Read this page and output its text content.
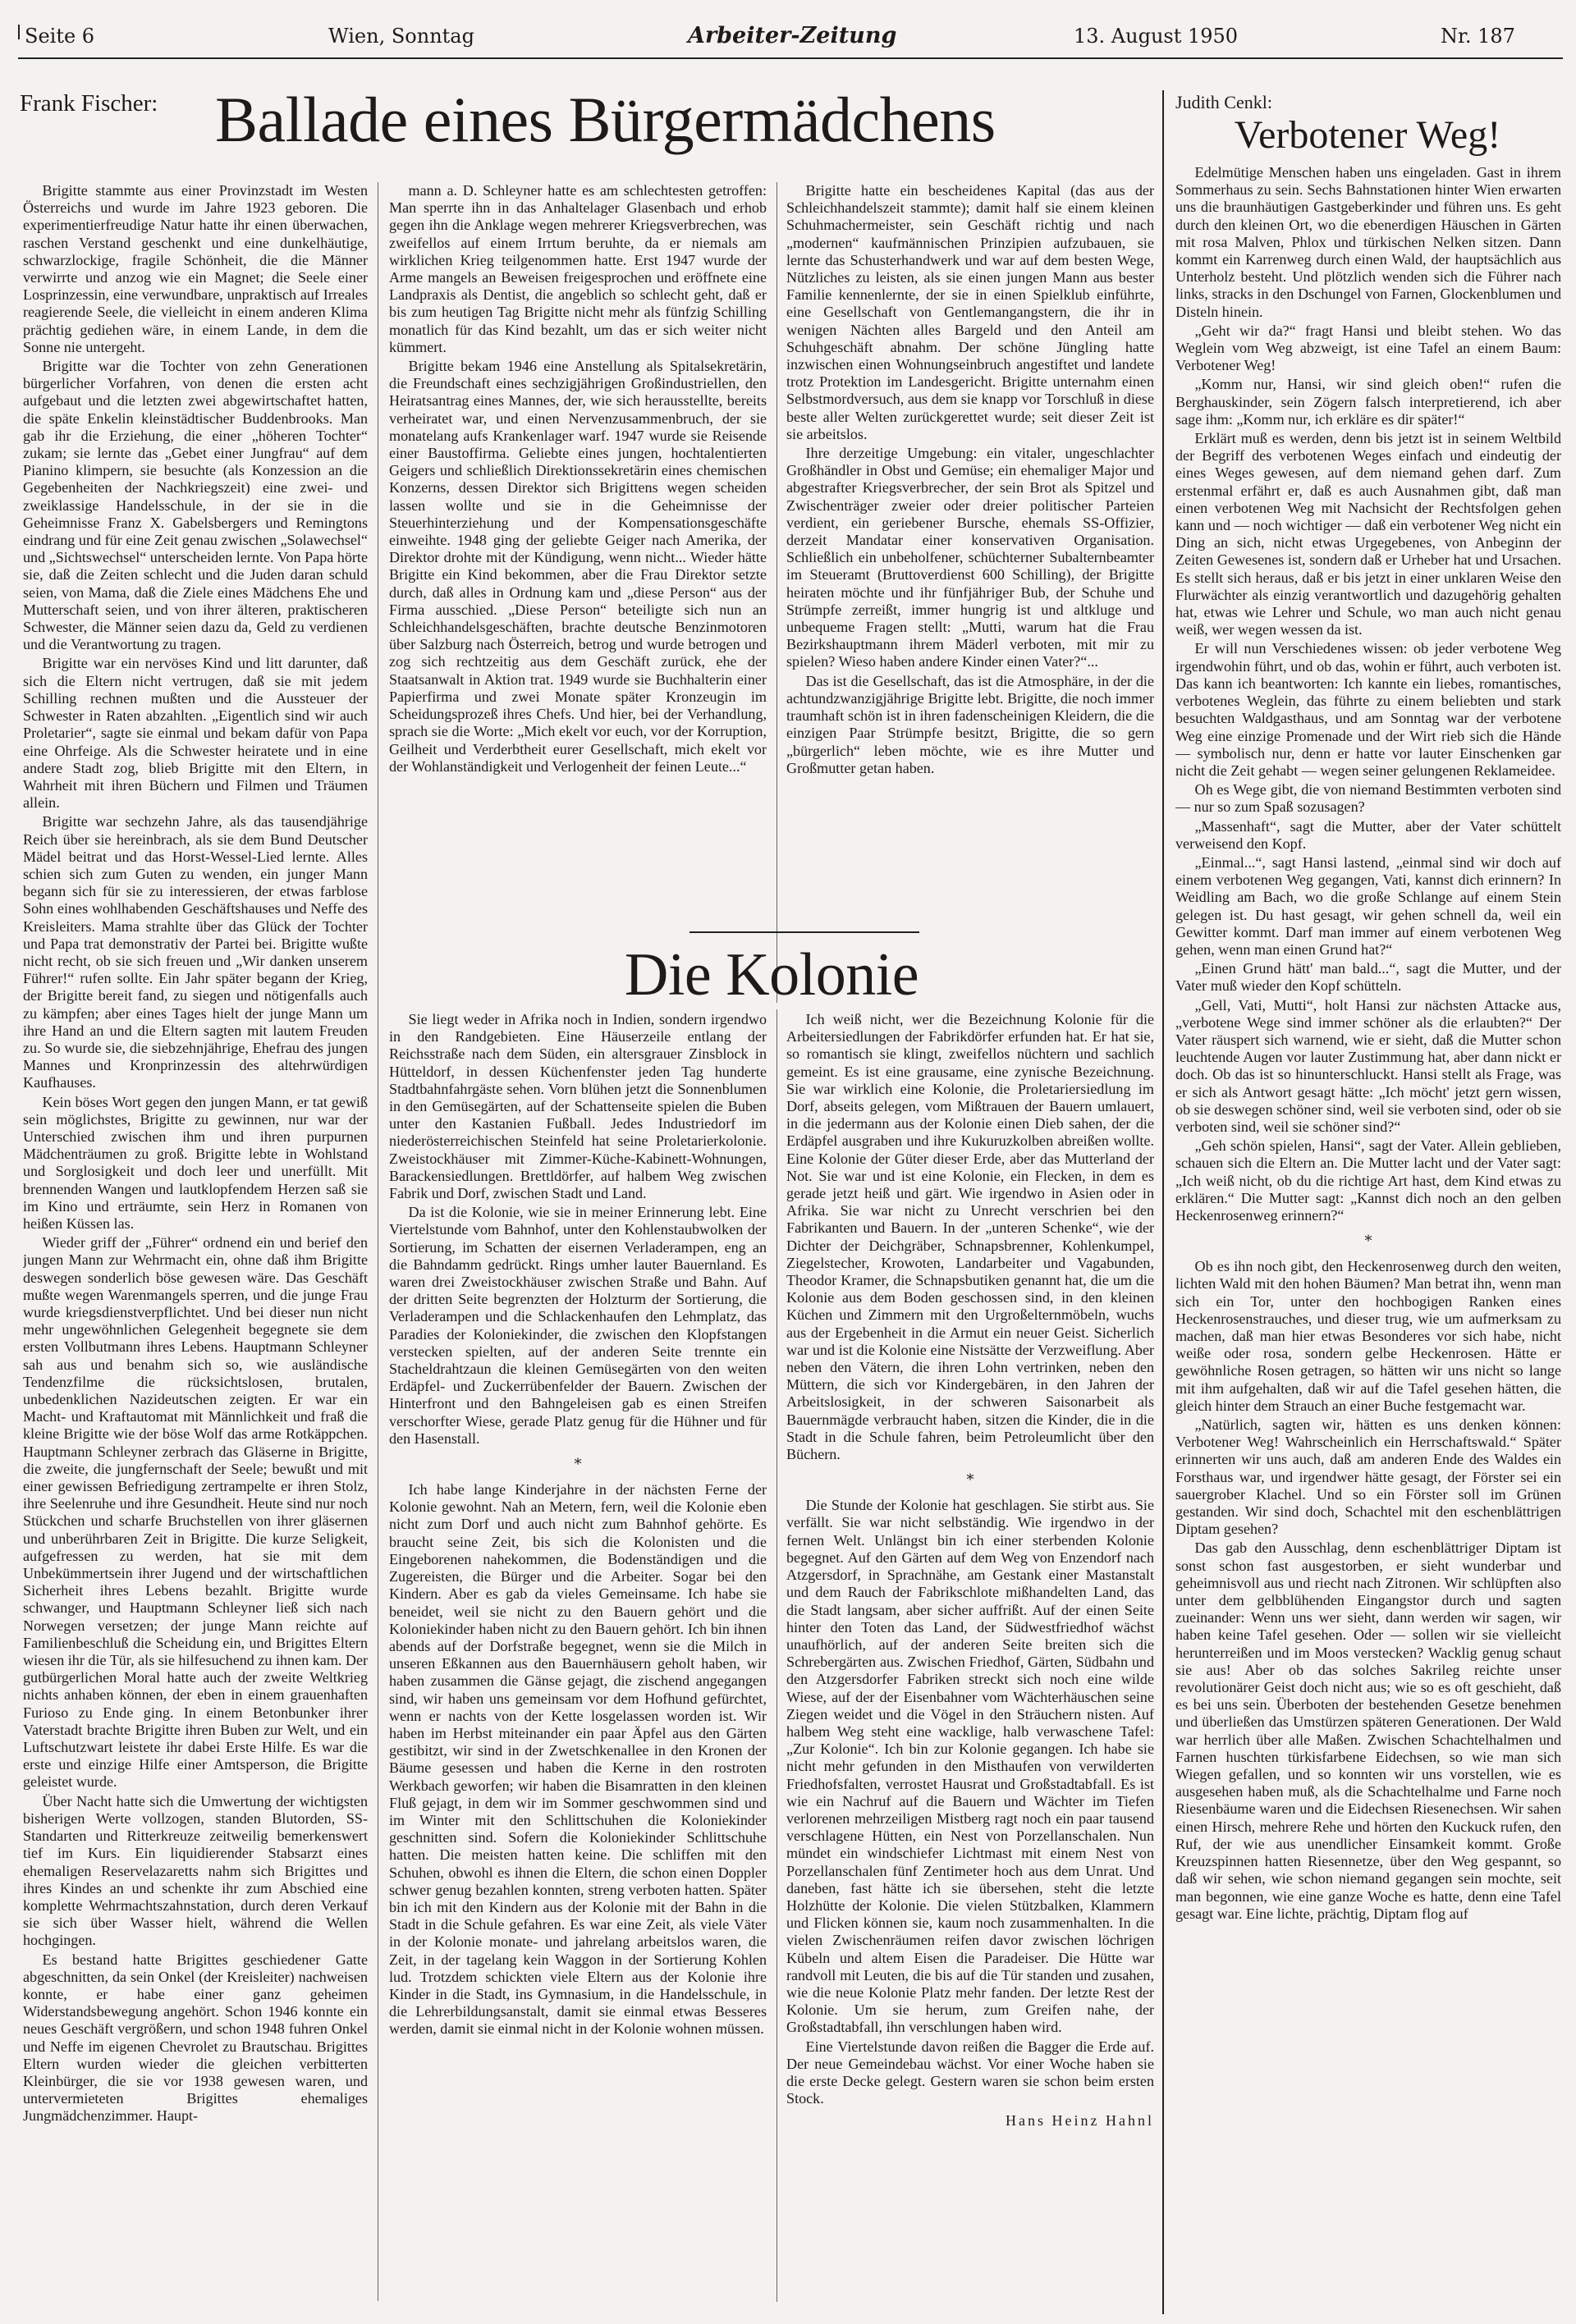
Seite 6	Wien, Sonntag	Arbeiter-Zeitung	13. August 1950	Nr. 187
Frank Fischer: Ballade eines Bürgermädchens

Brigitte stammte aus einer Provinzstadt im Westen Österreichs und wurde im Jahre 1923 geboren. Die experimentierfreudige Natur hatte ihr einen überwachen, raschen Verstand geschenkt und eine dunkelhäutige, schwarzlockige, fragile Schönheit, die die Männer verwirrte und anzog wie ein Magnet; die Seele einer Losprinzessin, eine verwundbare, unpraktisch auf Irreales reagierende Seele, die vielleicht in einem anderen Klima prächtig gediehen wäre, in einem Lande, in dem die Sonne nie untergeht.

Brigitte war die Tochter von zehn Generationen bürgerlicher Vorfahren, von denen die ersten acht aufgebaut und die letzten zwei abgewirtschaftet hatten, die späte Enkelin kleinstädtischer Buddenbrooks. Man gab ihr die Erziehung, die einer „höheren Tochter“ zukam; sie lernte das „Gebet einer Jungfrau“ auf dem Pianino klimpern, sie besuchte (als Konzession an die Gegebenheiten der Nachkriegszeit) eine zwei- und zweiklassige Handelsschule, in der sie in die Geheimnisse Franz X. Gabelsbergers und Remingtons eindrang und für eine Zeit genau zwischen „Solawechsel“ und „Sichtswechsel“ unterscheiden lernte. Von Papa hörte sie, daß die Zeiten schlecht und die Juden daran schuld seien, von Mama, daß die Ziele eines Mädchens Ehe und Mutterschaft seien, und von ihrer älteren, praktischeren Schwester, die Männer seien dazu da, Geld zu verdienen und die Verantwortung zu tragen.

Brigitte war ein nervöses Kind und litt darunter, daß sich die Eltern nicht vertrugen, daß sie mit jedem Schilling rechnen mußten und die Aussteuer der Schwester in Raten abzahlten. „Eigentlich sind wir auch Proletarier“, sagte sie einmal und bekam dafür von Papa eine Ohrfeige. Als die Schwester heiratete und in eine andere Stadt zog, blieb Brigitte mit den Eltern, in Wahrheit mit ihren Büchern und Filmen und Träumen allein.

Brigitte war sechzehn Jahre, als das tausendjährige Reich über sie hereinbrach, als sie dem Bund Deutscher Mädel beitrat und das Horst-Wessel-Lied lernte. Alles schien sich zum Guten zu wenden, ein junger Mann begann sich für sie zu interessieren, der etwas farblose Sohn eines wohlhabenden Geschäftshauses und Neffe des Kreisleiters. Mama strahlte über das Glück der Tochter und Papa trat demonstrativ der Partei bei. Brigitte wußte nicht recht, ob sie sich freuen und „Wir danken unserem Führer!“ rufen sollte. Ein Jahr später begann der Krieg, der Brigitte bereit fand, zu siegen und nötigenfalls auch zu kämpfen; aber eines Tages hielt der junge Mann um ihre Hand an und die Eltern sagten mit lautem Freuden zu. So wurde sie, die siebzehnjährige, Ehefrau des jungen Mannes und Kronprinzessin des altehrwürdigen Kaufhauses.

Kein böses Wort gegen den jungen Mann, er tat gewiß sein möglichstes, Brigitte zu gewinnen, nur war der Unterschied zwischen ihm und ihren purpurnen Mädchenträumen zu groß. Brigitte lebte in Wohlstand und Sorglosigkeit und doch leer und unerfüllt. Mit brennenden Wangen und lautklopfendem Herzen saß sie im Kino und erträumte, sein Herz in Romanen von heißen Küssen las.

Wieder griff der „Führer“ ordnend ein und berief den jungen Mann zur Wehrmacht ein, ohne daß ihm Brigitte deswegen sonderlich böse gewesen wäre. Das Geschäft mußte wegen Warenmangels sperren, und die junge Frau wurde kriegsdienstverpflichtet. Und bei dieser nun nicht mehr ungewöhnlichen Gelegenheit begegnete sie dem ersten Vollbutmann ihres Lebens. Hauptmann Schleyner sah aus und benahm sich so, wie ausländische Tendenzfilme die rücksichtslosen, brutalen, unbedenklichen Nazideutschen zeigten. Er war ein Macht- und Kraftautomat mit Männlichkeit und fraß die kleine Brigitte wie der böse Wolf das arme Rotkäppchen. Hauptmann Schleyner zerbrach das Gläserne in Brigitte, die zweite, die jungfernschaft der Seele; bewußt und mit einer gewissen Befriedigung zertrampelte er ihren Stolz, ihre Seelenruhe und ihre Gesundheit. Heute sind nur noch Stückchen und scharfe Bruchstellen von ihrer gläsernen und unberührbaren Zeit in Brigitte. Die kurze Seligkeit, aufgefressen zu werden, hat sie mit dem Unbekümmertsein ihrer Jugend und der wirtschaftlichen Sicherheit ihres Lebens bezahlt. Brigitte wurde schwanger, und Hauptmann Schleyner ließ sich nach Norwegen versetzen; der junge Mann reichte auf Familienbeschluß die Scheidung ein, und Brigittes Eltern wiesen ihr die Tür, als sie hilfesuchend zu ihnen kam. Der gutbürgerlichen Moral hatte auch der zweite Weltkrieg nichts anhaben können, der eben in einem grauenhaften Furioso zu Ende ging. In einem Betonbunker ihrer Vaterstadt brachte Brigitte ihren Buben zur Welt, und ein Luftschutzwart leistete ihr dabei Erste Hilfe. Es war die erste und einzige Hilfe einer Amtsperson, die Brigitte geleistet wurde.

Über Nacht hatte sich die Umwertung der wichtigsten bisherigen Werte vollzogen, standen Blutorden, SS-Standarten und Ritterkreuze zeitweilig bemerkenswert tief im Kurs. Ein liquidierender Stabsarzt eines ehemaligen Reservelazaretts nahm sich Brigittes und ihres Kindes an und schenkte ihr zum Abschied eine komplette Wehrmachtszahnstation, durch deren Verkauf sie sich über Wasser hielt, während die Wellen hochgingen.

Es bestand hatte Brigittes geschiedener Gatte abgeschnitten, da sein Onkel (der Kreisleiter) nachweisen konnte, er habe einer ganz geheimen Widerstandsbewegung angehört. Schon 1946 konnte ein neues Geschäft vergrößern, und schon 1948 fuhren Onkel und Neffe im eigenen Chevrolet zu Brautschau. Brigittes Eltern wurden wieder die gleichen verbitterten Kleinbürger, die sie vor 1938 gewesen waren, und untervermieteten Brigittes ehemaliges Jungmädchenzimmer. Haupt-

mann a. D. Schleyner hatte es am schlechtesten getroffen: Man sperrte ihn in das Anhaltelager Glasenbach und erhob gegen ihn die Anklage wegen mehrerer Kriegsverbrechen, was zweifellos auf einem Irrtum beruhte, da er niemals am wirklichen Krieg teilgenommen hatte. Erst 1947 wurde der Arme mangels an Beweisen freigesprochen und eröffnete eine Landpraxis als Dentist, die angeblich so schlecht geht, daß er bis zum heutigen Tag Brigitte nicht mehr als fünfzig Schilling monatlich für das Kind bezahlt, um das er sich weiter nicht kümmert.

Brigitte bekam 1946 eine Anstellung als Spitalsekretärin, die Freundschaft eines sechzigjährigen Großindustriellen, den Heiratsantrag eines Mannes, der, wie sich herausstellte, bereits verheiratet war, und einen Nervenzusammenbruch, der sie monatelang aufs Krankenlager warf. 1947 wurde sie Reisende einer Baustoffirma. Geliebte eines jungen, hochtalentierten Geigers und schließlich Direktionssekretärin eines chemischen Konzerns, dessen Direktor sich Brigittens wegen scheiden lassen wollte und sie in die Geheimnisse der Steuerhinterziehung und der Kompensationsgeschäfte einweihte. 1948 ging der geliebte Geiger nach Amerika, der Direktor drohte mit der Kündigung, wenn nicht... Wieder hätte Brigitte ein Kind bekommen, aber die Frau Direktor setzte durch, daß alles in Ordnung kam und „diese Person“ aus der Firma ausschied. „Diese Person“ beteiligte sich nun an Schleichhandelsgeschäften, brachte deutsche Benzinmotoren über Salzburg nach Österreich, betrog und wurde betrogen und zog sich rechtzeitig aus dem Geschäft zurück, ehe der Staatsanwalt in Aktion trat. 1949 wurde sie Buchhalterin einer Papierfirma und zwei Monate später Kronzeugin im Scheidungsprozeß ihres Chefs. Und hier, bei der Verhandlung, sprach sie die Worte: „Mich ekelt vor euch, vor der Korruption, Geilheit und Verderbtheit eurer Gesellschaft, mich ekelt vor der Wohlanständigkeit und Verlogenheit der feinen Leute...“

Brigitte hatte ein bescheidenes Kapital (das aus der Schleichhandelszeit stammte); damit half sie einem kleinen Schuhmachermeister, sein Geschäft richtig und nach „modernen“ kaufmännischen Prinzipien aufzubauen, sie lernte das Schusterhandwerk und war auf dem besten Wege, Nützliches zu leisten, als sie einen jungen Mann aus bester Familie kennenlernte, der sie in einen Spielklub einführte, eine Gesellschaft von Gentlemangangstern, die ihr in wenigen Nächten alles Bargeld und den Anteil am Schuhgeschäft abnahm. Der schöne Jüngling hatte inzwischen einen Wohnungseinbruch angestiftet und landete trotz Protektion im Landesgericht. Brigitte unternahm einen Selbstmordversuch, aus dem sie knapp vor Torschluß in diese beste aller Welten zurückgerettet wurde; seit dieser Zeit ist sie arbeitslos.

Ihre derzeitige Umgebung: ein vitaler, ungeschlachter Großhändler in Obst und Gemüse; ein ehemaliger Major und abgestrafter Kriegsverbrecher, der sein Brot als Spitzel und Zwischenträger zweier oder dreier politischer Parteien verdient, ein geriebener Bursche, ehemals SS-Offizier, derzeit Mandatar einer konservativen Organisation. Schließlich ein unbeholfener, schüchterner Subalternbeamter im Steueramt (Bruttoverdienst 600 Schilling), der Brigitte heiraten möchte und ihr fünfjähriger Bub, der Schuhe und Strümpfe zerreißt, immer hungrig ist und altkluge und unbequeme Fragen stellt: „Mutti, warum hat die Frau Bezirkshauptmann ihrem Mäderl verboten, mit mir zu spielen? Wieso haben andere Kinder einen Vater?“...

Das ist die Gesellschaft, das ist die Atmosphäre, in der die achtundzwanzigjährige Brigitte lebt. Brigitte, die noch immer traumhaft schön ist in ihren fadenscheinigen Kleidern, die die einzigen Paar Strümpfe besitzt, Brigitte, die so gern „bürgerlich“ leben möchte, wie es ihre Mutter und Großmutter getan haben.

Die Kolonie

Sie liegt weder in Afrika noch in Indien, sondern irgendwo in den Randgebieten. Eine Häuserzeile entlang der Reichsstraße nach dem Süden, ein altersgrauer Zinsblock in Hütteldorf, in dessen Küchenfenster jeden Tag hunderte Stadtbahnfahrgäste sehen. Vorn blühen jetzt die Sonnenblumen in den Gemüsegärten, auf der Schattenseite spielen die Buben unter den Kastanien Fußball. Jedes Industriedorf im niederösterreichischen Steinfeld hat seine Proletarierkolonie. Zweistockhäuser mit Zimmer-Küche-Kabinett-Wohnungen, Barackensiedlungen. Brettldörfer, auf halbem Weg zwischen Fabrik und Dorf, zwischen Stadt und Land.

Da ist die Kolonie, wie sie in meiner Erinnerung lebt. Eine Viertelstunde vom Bahnhof, unter den Kohlenstaubwolken der Sortierung, im Schatten der eisernen Verladerampen, eng an die Bahndamm gedrückt. Rings umher lauter Bauernland. Es waren drei Zweistockhäuser zwischen Straße und Bahn. Auf der dritten Seite begrenzten der Holzturm der Sortierung, die Verladerampen und die Schlackenhaufen den Lehmplatz, das Paradies der Koloniekinder, die zwischen den Klopfstangen verstecken spielten, auf der anderen Seite trennte ein Stacheldrahtzaun die kleinen Gemüsegärten von den weiten Erdäpfel- und Zuckerrübenfelder der Bauern. Zwischen der Hinterfront und den Bahngeleisen gab es einen Streifen verschorfter Wiese, gerade Platz genug für die Hühner und für den Hasenstall.

*

Ich habe lange Kinderjahre in der nächsten Ferne der Kolonie gewohnt. Nah an Metern, fern, weil die Kolonie eben nicht zum Dorf und auch nicht zum Bahnhof gehörte. Es braucht seine Zeit, bis sich die Kolonisten und die Eingeborenen nahekommen, die Bodenständigen und die Zugereisten, die Bürger und die Arbeiter. Sogar bei den Kindern. Aber es gab da vieles Gemeinsame. Ich habe sie beneidet, weil sie nicht zu den Bauern gehört und die Koloniekinder haben nicht zu den Bauern gehört. Ich bin ihnen abends auf der Dorfstraße begegnet, wenn sie die Milch in unseren Eßkannen aus den Bauernhäusern geholt haben, wir haben zusammen die Gänse gejagt, die zischend angegangen sind, wir haben uns gemeinsam vor dem Hofhund gefürchtet, wenn er nachts von der Kette losgelassen worden ist. Wir haben im Herbst miteinander ein paar Äpfel aus den Gärten gestibitzt, wir sind in der Zwetschkenallee in den Kronen der Bäume gesessen und haben die Kerne in den rostroten Werkbach geworfen; wir haben die Bisamratten in den kleinen Fluß gejagt, in dem wir im Sommer geschwommen sind und im Winter mit den Schlittschuhen die Koloniekinder geschnitten sind. Sofern die Koloniekinder Schlittschuhe hatten. Die meisten hatten keine. Die schliffen mit den Schuhen, obwohl es ihnen die Eltern, die schon einen Doppler schwer genug bezahlen konnten, streng verboten hatten. Später bin ich mit den Kindern aus der Kolonie mit der Bahn in die Stadt in die Schule gefahren. Es war eine Zeit, als viele Väter in der Kolonie monate- und jahrelang arbeitslos waren, die Zeit, in der tagelang kein Waggon in der Sortierung Kohlen lud. Trotzdem schickten viele Eltern aus der Kolonie ihre Kinder in die Stadt, ins Gymnasium, in die Handelsschule, in die Lehrerbildungsanstalt, damit sie einmal etwas Besseres werden, damit sie einmal nicht in der Kolonie wohnen müssen.

Ich weiß nicht, wer die Bezeichnung Kolonie für die Arbeitersiedlungen der Fabrikdörfer erfunden hat. Er hat sie, so romantisch sie klingt, zweifellos nüchtern und sachlich gemeint. Es ist eine grausame, eine zynische Bezeichnung. Sie war wirklich eine Kolonie, die Proletariersiedlung im Dorf, abseits gelegen, vom Mißtrauen der Bauern umlauert, in die jedermann aus der Kolonie einen Dieb sahen, der die Erdäpfel ausgraben und ihre Kukuruzkolben abreißen wollte. Eine Kolonie der Güter dieser Erde, aber das Mutterland der Not. Sie war und ist eine Kolonie, ein Flecken, in dem es gerade jetzt heiß und gärt. Wie irgendwo in Asien oder in Afrika. Sie war nicht zu Unrecht verschrien bei den Fabrikanten und Bauern. In der „unteren Schenke“, wie der Dichter der Deichgräber, Schnapsbrenner, Kohlenkumpel, Ziegelstecher, Krowoten, Landarbeiter und Vagabunden, Theodor Kramer, die Schnapsbutiken genannt hat, die um die Kolonie aus dem Boden geschossen sind, in den kleinen Küchen und Zimmern mit den Urgroßelternmöbeln, wuchs aus der Ergebenheit in die Armut ein neuer Geist. Sicherlich war und ist die Kolonie eine Nistsätte der Verzweiflung. Aber neben den Vätern, die ihren Lohn vertrinken, neben den Müttern, die sich vor Kindergebären, in den Jahren der Arbeitslosigkeit, in der schweren Saisonarbeit als Bauernmägde verbraucht haben, sitzen die Kinder, die in die Stadt in die Schule fahren, beim Petroleumlicht über den Büchern.

*

Die Stunde der Kolonie hat geschlagen. Sie stirbt aus. Sie verfällt. Sie war nicht selbständig. Wie irgendwo in der fernen Welt. Unlängst bin ich einer sterbenden Kolonie begegnet. Auf den Gärten auf dem Weg von Enzendorf nach Atzgersdorf, in Sprachnähe, am Gestank einer Mastanstalt und dem Rauch der Fabrikschlote mißhandelten Land, das die Stadt langsam, aber sicher auffrißt. Auf der einen Seite hinter den Toten das Land, der Südwestfriedhof wächst unaufhörlich, auf der anderen Seite breiten sich die Schrebergärten aus. Zwischen Friedhof, Gärten, Südbahn und den Atzgersdorfer Fabriken streckt sich noch eine wilde Wiese, auf der der Eisenbahner vom Wächterhäuschen seine Ziegen weidet und die Vögel in den Sträuchern nisten. Auf halbem Weg steht eine wacklige, halb verwaschene Tafel: „Zur Kolonie“. Ich bin zur Kolonie gegangen. Ich habe sie nicht mehr gefunden in den Misthaufen von verwilderten Friedhofsfalten, verrostet Hausrat und Großstadtabfall. Es ist wie ein Nachruf auf die Bauern und Wächter im Tiefen verlorenen mehrzeiligen Mistberg ragt noch ein paar tausend verschlagene Hütten, ein Nest von Porzellanschalen. Nun mündet ein windschiefer Lichtmast mit einem Nest von Porzellanschalen fünf Zentimeter hoch aus dem Unrat. Und daneben, fast hätte ich sie übersehen, steht die letzte Holzhütte der Kolonie. Die vielen Stützbalken, Klammern und Flicken können sie, kaum noch zusammenhalten. In die vielen Zwischenräumen reifen davor zwischen löchrigen Kübeln und altem Eisen die Paradeiser. Die Hütte war randvoll mit Leuten, die bis auf die Tür standen und zusahen, wie die neue Kolonie Platz mehr fanden. Der letzte Rest der Kolonie. Um sie herum, zum Greifen nahe, der Großstadtabfall, ihn verschlungen haben wird.

Eine Viertelstunde davon reißen die Bagger die Erde auf. Der neue Gemeindebau wächst. Vor einer Woche haben sie die erste Decke gelegt. Gestern waren sie schon beim ersten Stock.

Hans Heinz Hahnl
Judith Cenkl:
Verbotener Weg!

Edelmütige Menschen haben uns eingeladen. Gast in ihrem Sommerhaus zu sein. Sechs Bahnstationen hinter Wien erwarten uns die braunhäutigen Gastgeberkinder und führen uns. Es geht durch den kleinen Ort, wo die ebenerdigen Häuschen in Gärten mit rosa Malven, Phlox und türkischen Nelken sitzen. Dann kommt ein Karrenweg durch einen Wald, der hauptsächlich aus Unterholz besteht. Und plötzlich wenden sich die Führer nach links, stracks in den Dschungel von Farnen, Glockenblumen und Disteln hinein.

„Geht wir da?“ fragt Hansi und bleibt stehen. Wo das Weglein vom Weg abzweigt, ist eine Tafel an einem Baum: Verbotener Weg!

„Komm nur, Hansi, wir sind gleich oben!“ rufen die Berghauskinder, sein Zögern falsch interpretierend, ich aber sage ihm: „Komm nur, ich erkläre es dir später!“

Erklärt muß es werden, denn bis jetzt ist in seinem Weltbild der Begriff des verbotenen Weges einfach und eindeutig der eines Weges gewesen, auf dem niemand gehen darf. Zum erstenmal erfährt er, daß es auch Ausnahmen gibt, daß man einen verbotenen Weg mit Nachsicht der Rechtsfolgen gehen kann und — noch wichtiger — daß ein verbotener Weg nicht ein Ding an sich, nicht etwas Urgegebenes, von Anbeginn der Zeiten Gewesenes ist, sondern daß er Urheber hat und Ursachen. Es stellt sich heraus, daß er bis jetzt in einer unklaren Weise den Flurwächter als einzig verantwortlich und dazugehörig gehalten hat, etwas wie Lehrer und Schule, wo man auch nicht genau weiß, wer wegen wessen da ist.

Er will nun Verschiedenes wissen: ob jeder verbotene Weg irgendwohin führt, und ob das, wohin er führt, auch verboten ist. Das kann ich beantworten: Ich kannte ein liebes, romantisches, verbotenes Weglein, das führte zu einem beliebten und stark besuchten Waldgasthaus, und am Sonntag war der verbotene Weg eine einzige Promenade und der Wirt rieb sich die Hände — symbolisch nur, denn er hatte vor lauter Einschenken gar nicht die Zeit gehabt — wegen seiner gelungenen Reklameidee.

Oh es Wege gibt, die von niemand Bestimmten verboten sind — nur so zum Spaß sozusagen?

„Massenhaft“, sagt die Mutter, aber der Vater schüttelt verweisend den Kopf.

„Einmal...“, sagt Hansi lastend, „einmal sind wir doch auf einem verbotenen Weg gegangen, Vati, kannst dich erinnern? In Weidling am Bach, wo die große Schlange auf einem Stein gelegen ist. Du hast gesagt, wir gehen schnell da, weil ein Gewitter kommt. Darf man immer auf einem verbotenen Weg gehen, wenn man einen Grund hat?“

„Einen Grund hätt' man bald...“, sagt die Mutter, und der Vater muß wieder den Kopf schütteln.

„Gell, Vati, Mutti“, holt Hansi zur nächsten Attacke aus, „verbotene Wege sind immer schöner als die erlaubten?“ Der Vater räuspert sich warnend, wie er sieht, daß die Mutter schon leuchtende Augen vor lauter Zustimmung hat, aber dann nickt er doch. Ob das ist so hinunterschluckt. Hansi stellt als Frage, was er sich als Antwort gesagt hätte: „Ich möcht' jetzt gern wissen, ob sie deswegen schöner sind, weil sie verboten sind, oder ob sie verboten sind, weil sie schöner sind?“

„Geh schön spielen, Hansi“, sagt der Vater. Allein geblieben, schauen sich die Eltern an. Die Mutter lacht und der Vater sagt: „Ich weiß nicht, ob du die richtige Art hast, dem Kind etwas zu erklären.“ Die Mutter sagt: „Kannst dich noch an den gelben Heckenrosenweg erinnern?“

*

Ob es ihn noch gibt, den Heckenrosenweg durch den weiten, lichten Wald mit den hohen Bäumen? Man betrat ihn, wenn man sich ein Tor, unter den hochbogigen Ranken eines Heckenrosenstrauches, und dieser trug, wie um aufmerksam zu machen, daß man hier etwas Besonderes vor sich habe, nicht weiße oder rosa, sondern gelbe Heckenrosen. Hätte er gewöhnliche Rosen getragen, so hätten wir uns nicht so lange mit ihm aufgehalten, daß wir auf die Tafel gesehen hätten, die gleich hinter dem Strauch an einer Buche festgemacht war.

„Natürlich, sagten wir, hätten es uns denken können: Verbotener Weg! Wahrscheinlich ein Herrschaftswald.“ Später erinnerten wir uns auch, daß am anderen Ende des Waldes ein Forsthaus war, und irgendwer hätte gesagt, der Förster sei ein sauergrober Klachel. Und so ein Förster soll im Grünen gestanden. Wir sind doch, Schachtel mit den eschenblättrigen Diptam gesehen?

Das gab den Ausschlag, denn eschenblättriger Diptam ist sonst schon fast ausgestorben, er sieht wunderbar und geheimnisvoll aus und riecht nach Zitronen. Wir schlüpften also unter dem gelbblühenden Eingangstor durch und sagten zueinander: Wenn uns wer sieht, dann werden wir sagen, wir haben keine Tafel gesehen. Oder — sollen wir sie vielleicht herunterreißen und im Moos verstecken? Wacklig genug schaut sie aus! Aber ob das solches Sakrileg reichte unser revolutionärer Geist doch nicht aus; wie so es oft geschieht, daß es bei uns sein. Überboten der bestehenden Gesetze benehmen und überließen das Umstürzen späteren Generationen. Der Wald war herrlich über alle Maßen. Zwischen Schachtelhalmen und Farnen huschten türkisfarbene Eidechsen, so wie man sich Wiegen gefallen, und so konnten wir uns vorstellen, wie es ausgesehen haben muß, als die Schachtelhalme und Farne noch Riesenbäume waren und die Eidechsen Riesenechsen. Wir sahen einen Hirsch, mehrere Rehe und hörten den Kuckuck rufen, den Ruf, der wie aus unendlicher Einsamkeit kommt. Große Kreuzspinnen hatten Riesennetze, über den Weg gespannt, so daß wir sehen, wie schon niemand gegangen sein mochte, seit man begonnen, wie eine ganze Woche es hatte, denn eine Tafel gesagt war. Eine lichte, prächtig, Diptam flog auf
